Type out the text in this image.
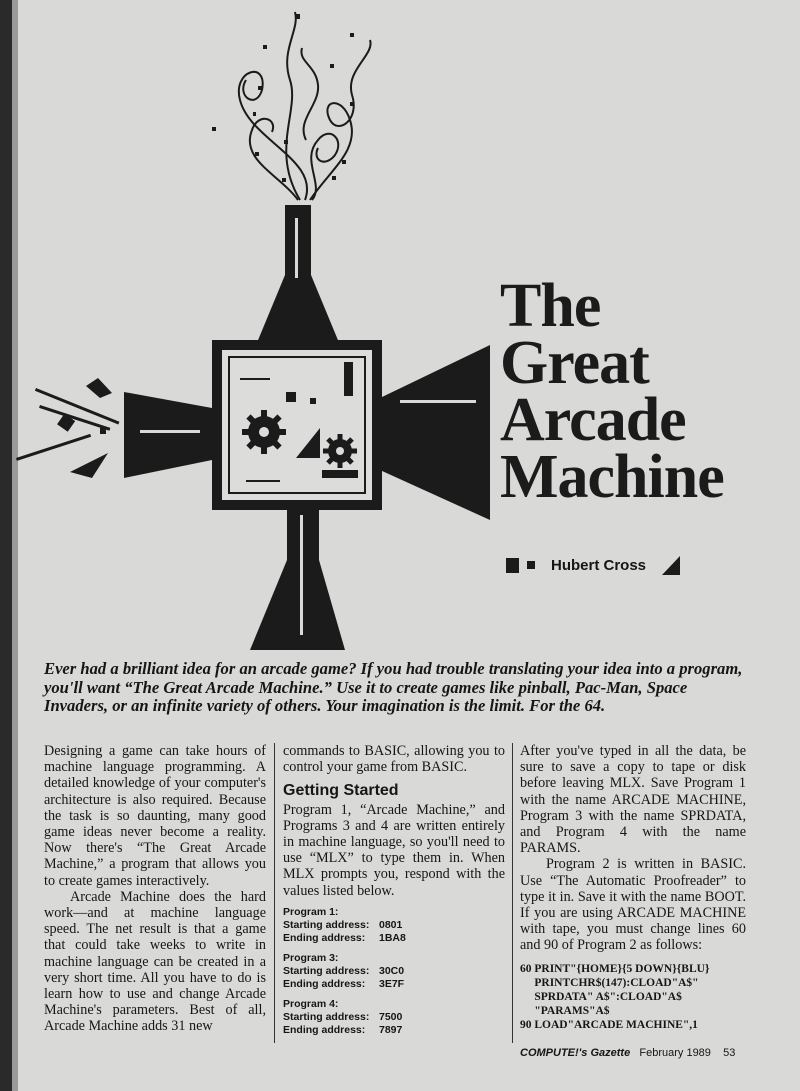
The
Great
Arcade
Machine
Hubert Cross
Ever had a brilliant idea for an arcade game? If you had trouble translating your idea into a program, you'll want “The Great Arcade Machine.” Use it to create games like pinball, Pac-Man, Space Invaders, or an infinite variety of others. Your imagination is the limit. For the 64.

Designing a game can take hours of machine language programming. A detailed knowledge of your computer's architecture is also required. Because the task is so daunting, many good game ideas never become a reality. Now there's “The Great Arcade Machine,” a program that allows you to create games interactively.

Arcade Machine does the hard work—and at machine language speed. The net result is that a game that could take weeks to write in machine language can be created in a very short time. All you have to do is learn how to use and change Arcade Machine's parameters. Best of all, Arcade Machine adds 31 new

commands to BASIC, allowing you to control your game from BASIC.

Getting Started

Program 1, “Arcade Machine,” and Programs 3 and 4 are written entirely in machine language, so you'll need to use “MLX” to type them in. When MLX prompts you, respond with the values listed below.

Program 1:
Starting address: 0801
Ending address:	1BA8
Program 3:
Starting address: 30C0
Ending address:	3E7F
Program 4:
Starting address: 7500
Ending address:	7897

After you've typed in all the data, be sure to save a copy to tape or disk before leaving MLX. Save Program 1 with the name ARCADE MACHINE, Program 3 with the name SPRDATA, and Program 4 with the name PARAMS.

Program 2 is written in BASIC. Use “The Automatic Proofreader” to type it in. Save it with the name BOOT. If you are using ARCADE MACHINE with tape, you must change lines 60 and 90 of Program 2 as follows:

60 PRINT"{HOME}{5 DOWN}{BLU}
PRINTCHR$(147):CLOAD"A$"
SPRDATA" A$":CLOAD"A$
"PARAMS"A$
90 LOAD"ARCADE MACHINE",1
COMPUTE!'s Gazette February 1989 53
